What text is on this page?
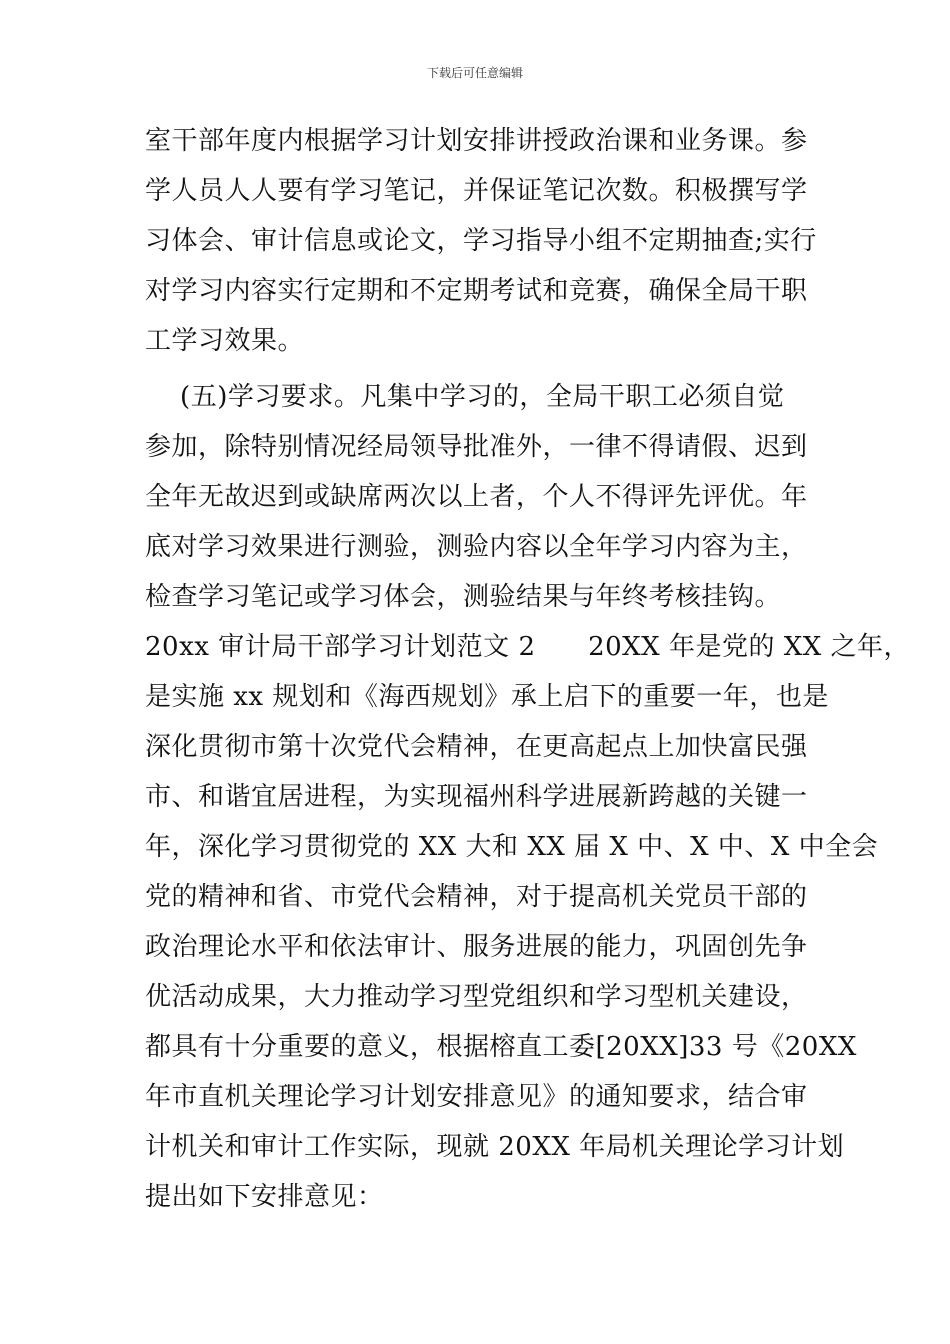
下载后可任意编辑
室干部年度内根据学习计划安排讲授政治课和业务课。参
学人员人人要有学习笔记，并保证笔记次数。积极撰写学
习体会、审计信息或论文，学习指导小组不定期抽查;实行
对学习内容实行定期和不定期考试和竞赛，确保全局干职
工学习效果。
(五)学习要求。凡集中学习的，全局干职工必须自觉
参加，除特别情况经局领导批准外，一律不得请假、迟到
全年无故迟到或缺席两次以上者，个人不得评先评优。年
底对学习效果进行测验，测验内容以全年学习内容为主，
检查学习笔记或学习体会，测验结果与年终考核挂钩。
20xx 审计局干部学习计划范文 2      20XX 年是党的 XX 之年，
是实施 xx 规划和《海西规划》承上启下的重要一年，也是
深化贯彻市第十次党代会精神，在更高起点上加快富民强
市、和谐宜居进程，为实现福州科学进展新跨越的关键一
年，深化学习贯彻党的 XX 大和 XX 届 X 中、X 中、X 中全会
党的精神和省、市党代会精神，对于提高机关党员干部的
政治理论水平和依法审计、服务进展的能力，巩固创先争
优活动成果，大力推动学习型党组织和学习型机关建设，
都具有十分重要的意义，根据榕直工委[20XX]33 号《20XX
年市直机关理论学习计划安排意见》的通知要求，结合审
计机关和审计工作实际，现就 20XX 年局机关理论学习计划
提出如下安排意见：
